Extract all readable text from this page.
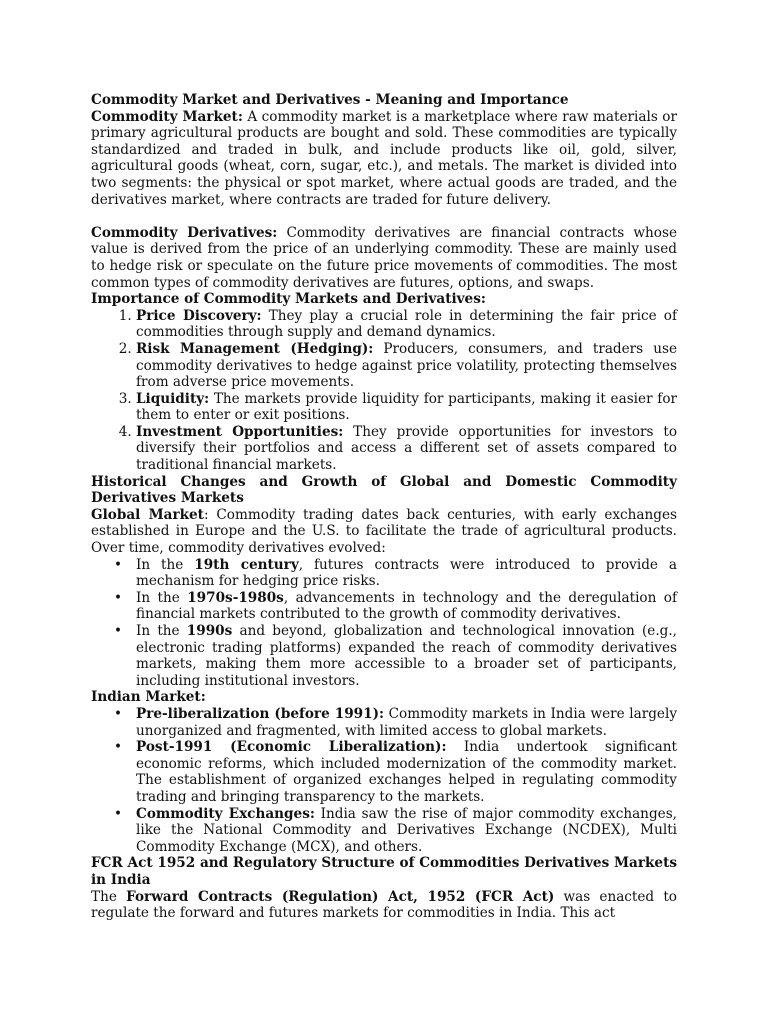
Commodity Market and Derivatives - Meaning and Importance

Commodity Market: A commodity market is a marketplace where raw materials or primary agricultural products are bought and sold. These commodities are typically standardized and traded in bulk, and include products like oil, gold, silver, agricultural goods (wheat, corn, sugar, etc.), and metals. The market is divided into two segments: the physical or spot market, where actual goods are traded, and the derivatives market, where contracts are traded for future delivery.

Commodity Derivatives: Commodity derivatives are financial contracts whose value is derived from the price of an underlying commodity. These are mainly used to hedge risk or speculate on the future price movements of commodities. The most common types of commodity derivatives are futures, options, and swaps.

Importance of Commodity Markets and Derivatives:
1. Price Discovery: They play a crucial role in determining the fair price of commodities through supply and demand dynamics.
2. Risk Management (Hedging): Producers, consumers, and traders use commodity derivatives to hedge against price volatility, protecting themselves from adverse price movements.
3. Liquidity: The markets provide liquidity for participants, making it easier for them to enter or exit positions.
4. Investment Opportunities: They provide opportunities for investors to diversify their portfolios and access a different set of assets compared to traditional financial markets.
Historical Changes and Growth of Global and Domestic Commodity Derivatives Markets

Global Market: Commodity trading dates back centuries, with early exchanges established in Europe and the U.S. to facilitate the trade of agricultural products. Over time, commodity derivatives evolved:

• In the 19th century, futures contracts were introduced to provide a mechanism for hedging price risks.
• In the 1970s-1980s, advancements in technology and the deregulation of financial markets contributed to the growth of commodity derivatives.
• In the 1990s and beyond, globalization and technological innovation (e.g., electronic trading platforms) expanded the reach of commodity derivatives markets, making them more accessible to a broader set of participants, including institutional investors.

Indian Market:

• Pre-liberalization (before 1991): Commodity markets in India were largely unorganized and fragmented, with limited access to global markets.
• Post-1991 (Economic Liberalization): India undertook significant economic reforms, which included modernization of the commodity market. The establishment of organized exchanges helped in regulating commodity trading and bringing transparency to the markets.
• Commodity Exchanges: India saw the rise of major commodity exchanges, like the National Commodity and Derivatives Exchange (NCDEX), Multi Commodity Exchange (MCX), and others.
FCR Act 1952 and Regulatory Structure of Commodities Derivatives Markets in India

The Forward Contracts (Regulation) Act, 1952 (FCR Act) was enacted to regulate the forward and futures markets for commodities in India. This act
